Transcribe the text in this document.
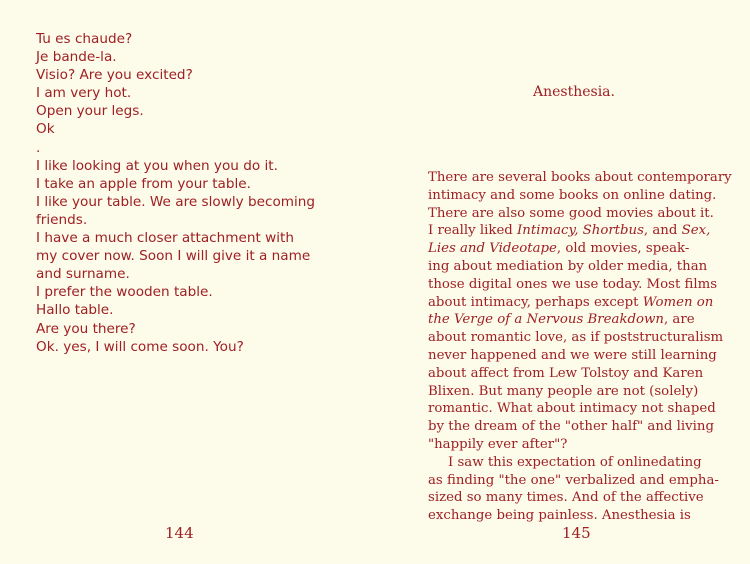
Tu es chaude?
Je bande-la.
Visio? Are you excited?
I am very hot.
Open your legs.
Ok
.
I like looking at you when you do it.
I take an apple from your table.
I like your table. We are slowly becoming
friends.
I have a much closer attachment with
my cover now. Soon I will give it a name
and surname.
I prefer the wooden table.
Hallo table.
Are you there?
Ok. yes, I will come soon. You?
144
Anesthesia.
There are several books about contemporary
intimacy and some books on online dating.
There are also some good movies about it.
I really liked Intimacy, Shortbus, and Sex,
Lies and Videotape, old movies, speak-
ing about mediation by older media, than
those digital ones we use today. Most films
about intimacy, perhaps except Women on
the Verge of a Nervous Breakdown, are
about romantic love, as if poststructuralism
never happened and we were still learning
about affect from Lew Tolstoy and Karen
Blixen. But many people are not (solely)
romantic. What about intimacy not shaped
by the dream of the "other half" and living
"happily ever after"?
I saw this expectation of onlinedating
as finding "the one" verbalized and empha-
sized so many times. And of the affective
exchange being painless. Anesthesia is
145
